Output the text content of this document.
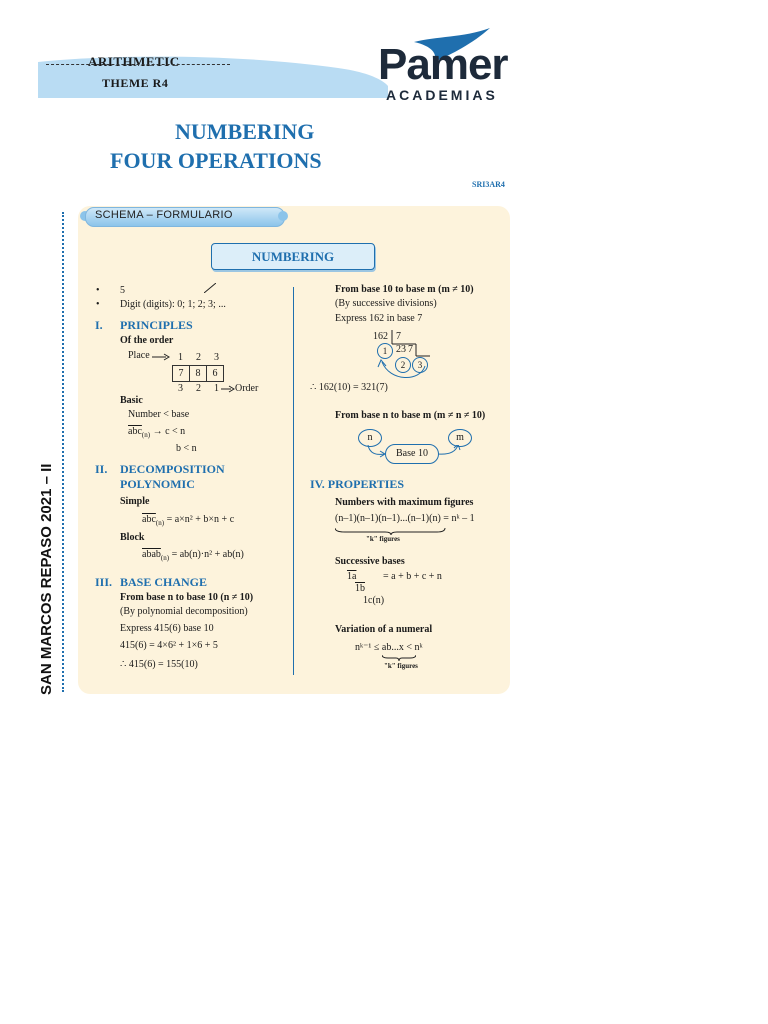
ARITHMETIC
THEME R4	Pamer
ACADEMIAS
NUMBERING
FOUR OPERATIONS
SRI3AR4
SAN MARCOS REPASO 2021 – II
SCHEMA – FORMULARIO
NUMBERING
• 5
• Digit (digits): 0; 1; 2; 3; ...
I. PRINCIPLES
Of the order
Place	1 2 3
7 8 6
3 2 1 Order
Basic
Number < base
$\overline{abc}_{(n)} \to c < n$
b < n
II. DECOMPOSITION
POLYNOMIC
Simple
$\overline{abc}_{(n)} = a\times n^2 + b\times n + c$
Block
abab$_{(n)}$ = ab(n)·n² + ab(n)
III. BASE CHANGE
From base n to base 10 (n ≠ 10)
(By polynomial decomposition)
Express 415(6) base 10
415(6) = 4×6² + 1×6 + 5
∴ 415(6) = 155(10)
From base 10 to base m (m ≠ 10)
(By successive divisions)
Express 162 in base 7
162 7
23 7
1
2	3
∴ 162(10) = 321(7)
From base n to base m (m ≠ n ≠ 10)
n	m
Base 10
IV. PROPERTIES
Numbers with maximum figures
(n–1)(n–1)(n–1)...(n–1)(n) = nᵏ – 1
"k" figures
Successive bases
1a	= a + b + c + n
1b
1c(n)
Variation of a numeral
nᵏ⁻¹ ≤ ab...x < nᵏ
"k" figures
